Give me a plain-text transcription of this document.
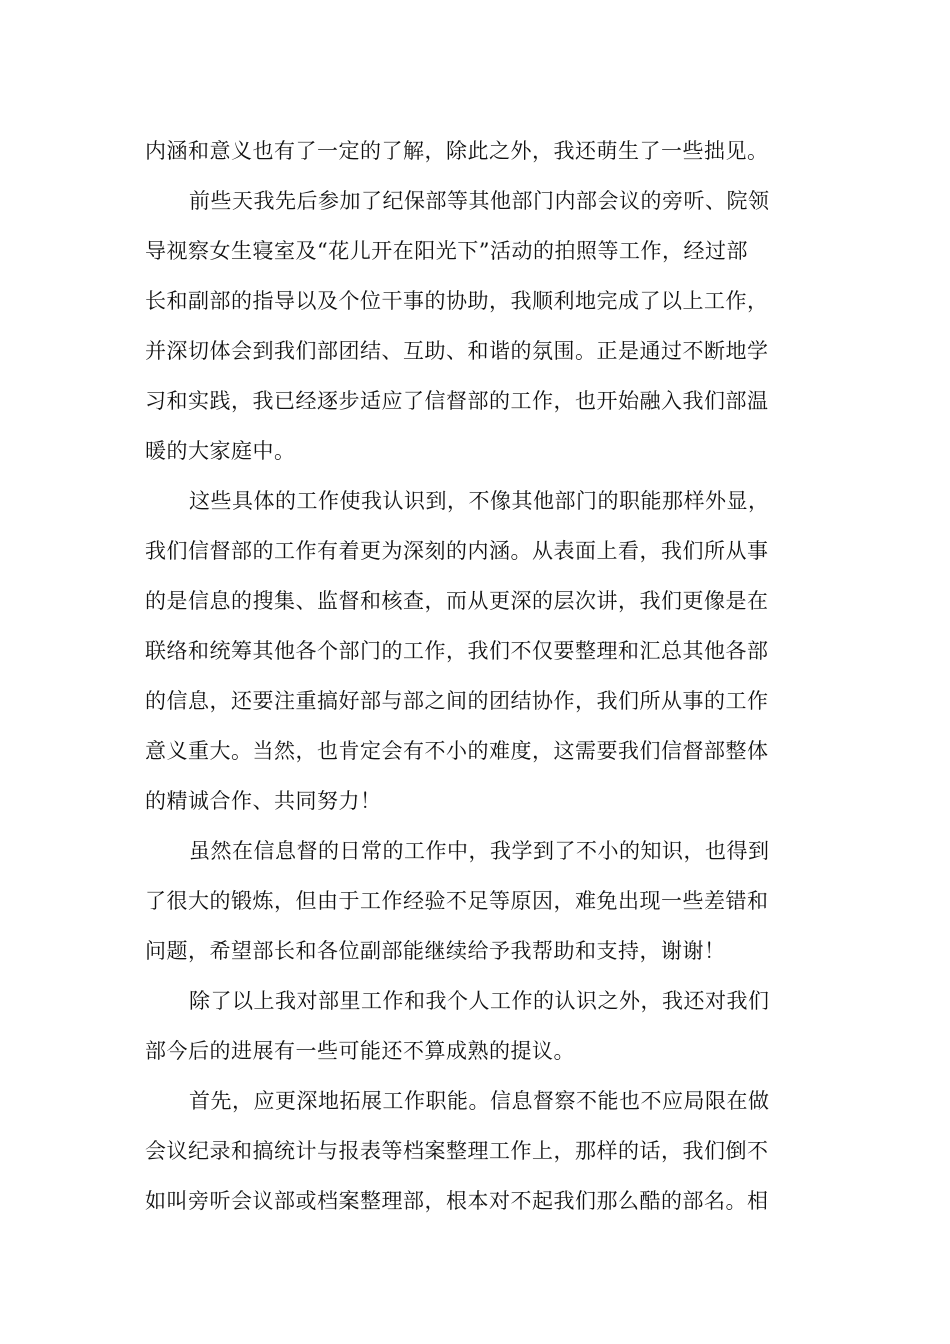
内涵和意义也有了一定的了解，除此之外，我还萌生了一些拙见。
前些天我先后参加了纪保部等其他部门内部会议的旁听、院领
导视察女生寝室及“花儿开在阳光下”活动的拍照等工作，经过部
长和副部的指导以及个位干事的协助，我顺利地完成了以上工作，
并深切体会到我们部团结、互助、和谐的氛围。正是通过不断地学
习和实践，我已经逐步适应了信督部的工作，也开始融入我们部温
暖的大家庭中。
这些具体的工作使我认识到，不像其他部门的职能那样外显，
我们信督部的工作有着更为深刻的内涵。从表面上看，我们所从事
的是信息的搜集、监督和核查，而从更深的层次讲，我们更像是在
联络和统筹其他各个部门的工作，我们不仅要整理和汇总其他各部
的信息，还要注重搞好部与部之间的团结协作，我们所从事的工作
意义重大。当然，也肯定会有不小的难度，这需要我们信督部整体
的精诚合作、共同努力！
虽然在信息督的日常的工作中，我学到了不小的知识，也得到
了很大的锻炼，但由于工作经验不足等原因，难免出现一些差错和
问题，希望部长和各位副部能继续给予我帮助和支持，谢谢！
除了以上我对部里工作和我个人工作的认识之外，我还对我们
部今后的进展有一些可能还不算成熟的提议。
首先，应更深地拓展工作职能。信息督察不能也不应局限在做
会议纪录和搞统计与报表等档案整理工作上，那样的话，我们倒不
如叫旁听会议部或档案整理部，根本对不起我们那么酷的部名。相
